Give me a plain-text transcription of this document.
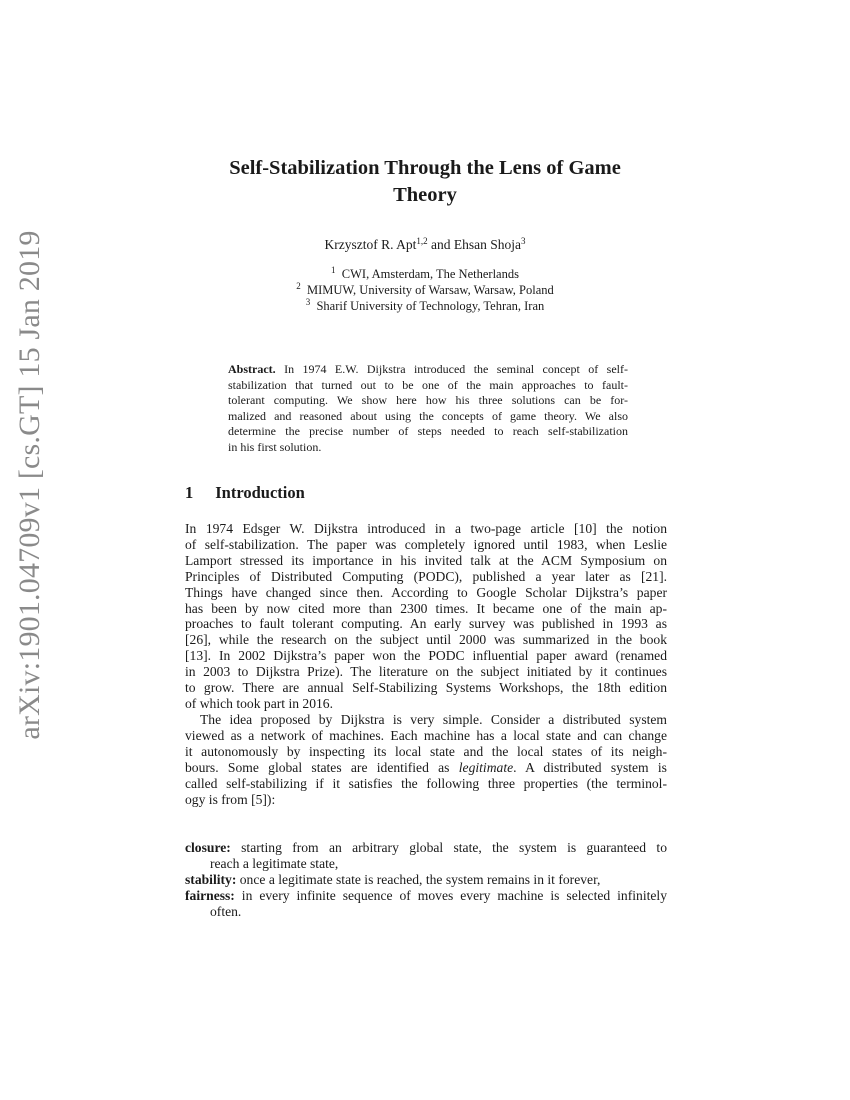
arXiv:1901.04709v1 [cs.GT] 15 Jan 2019
Self-Stabilization Through the Lens of Game
Theory
Krzysztof R. Apt$^{1,2}$ and Ehsan Shoja$^3$
$^1$  CWI, Amsterdam, The Netherlands
$^2$  MIMUW, University of Warsaw, Warsaw, Poland
$^3$  Sharif University of Technology, Tehran, Iran
Abstract. In 1974 E.W. Dijkstra introduced the seminal concept of self-
stabilization that turned out to be one of the main approaches to fault-
tolerant computing. We show here how his three solutions can be for-
malized and reasoned about using the concepts of game theory. We also
determine the precise number of steps needed to reach self-stabilization
in his first solution.
In 1974 Edsger W. Dijkstra introduced in a two-page article [10] the notion
of self-stabilization. The paper was completely ignored until 1983, when Leslie
Lamport stressed its importance in his invited talk at the ACM Symposium on
Principles of Distributed Computing (PODC), published a year later as [21].
Things have changed since then. According to Google Scholar Dijkstra’s paper
has been by now cited more than 2300 times. It became one of the main ap-
proaches to fault tolerant computing. An early survey was published in 1993 as
[26], while the research on the subject until 2000 was summarized in the book
[13]. In 2002 Dijkstra’s paper won the PODC influential paper award (renamed
in 2003 to Dijkstra Prize). The literature on the subject initiated by it continues
to grow. There are annual Self-Stabilizing Systems Workshops, the 18th edition
of which took part in 2016.
The idea proposed by Dijkstra is very simple. Consider a distributed system
viewed as a network of machines. Each machine has a local state and can change
it autonomously by inspecting its local state and the local states of its neigh-
bours. Some global states are identified as legitimate. A distributed system is
called self-stabilizing if it satisfies the following three properties (the terminol-
ogy is from [5]):
closure: starting from an arbitrary global state, the system is guaranteed to
reach a legitimate state,
stability: once a legitimate state is reached, the system remains in it forever,
fairness: in every infinite sequence of moves every machine is selected infinitely
often.
1 Introduction
